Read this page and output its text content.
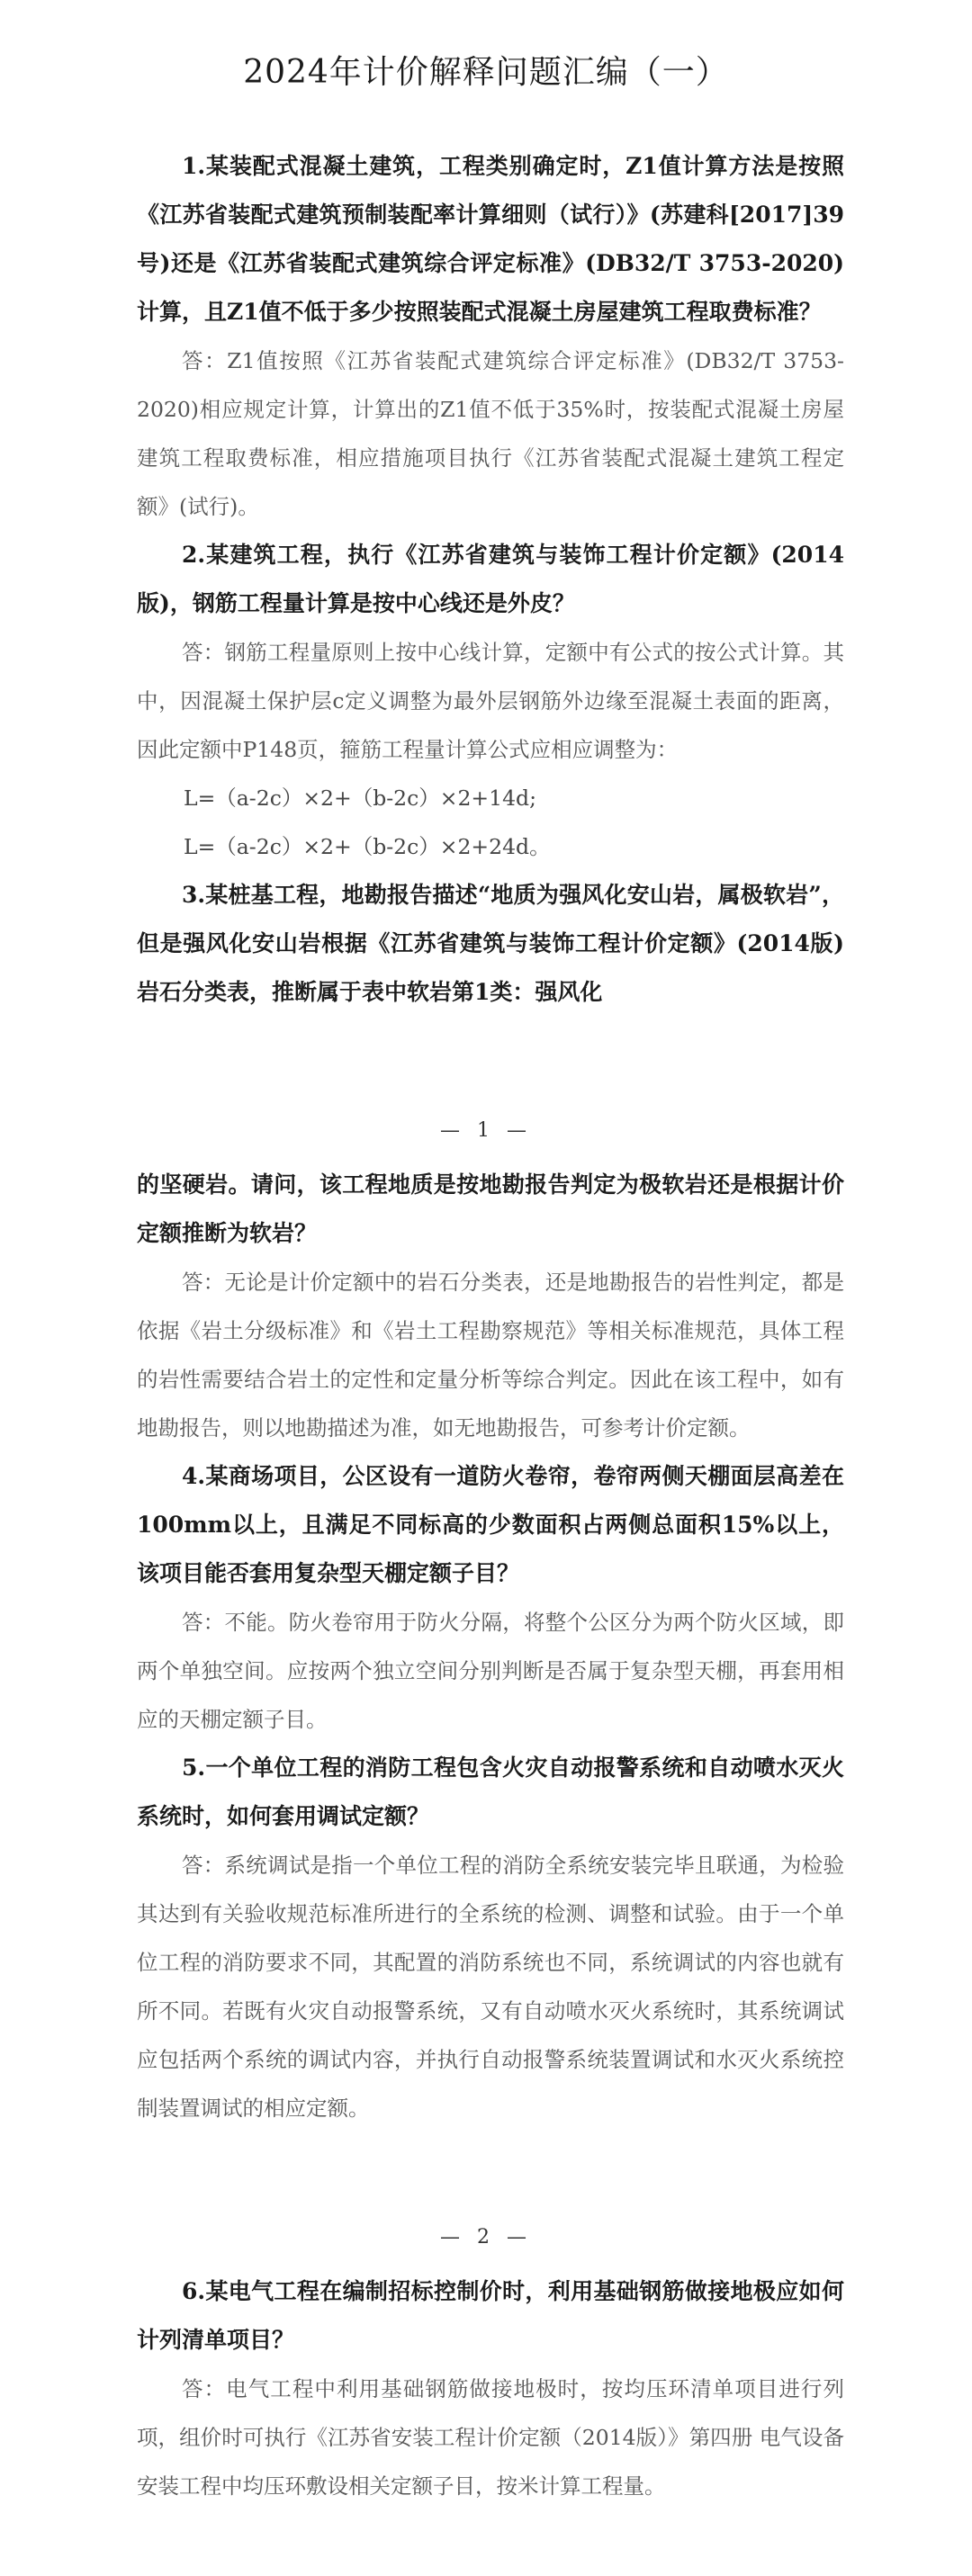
2024年计价解释问题汇编（一）

1.某装配式混凝土建筑，工程类别确定时，Z1值计算方法是按照《江苏省装配式建筑预制装配率计算细则（试行）》(苏建科[2017]39号)还是《江苏省装配式建筑综合评定标准》(DB32/T 3753-2020)计算，且Z1值不低于多少按照装配式混凝土房屋建筑工程取费标准？

答：Z1值按照《江苏省装配式建筑综合评定标准》(DB32/T 3753-2020)相应规定计算，计算出的Z1值不低于35%时，按装配式混凝土房屋建筑工程取费标准，相应措施项目执行《江苏省装配式混凝土建筑工程定额》(试行)。

2.某建筑工程，执行《江苏省建筑与装饰工程计价定额》(2014版)，钢筋工程量计算是按中心线还是外皮？

答：钢筋工程量原则上按中心线计算，定额中有公式的按公式计算。其中，因混凝土保护层c定义调整为最外层钢筋外边缘至混凝土表面的距离，因此定额中P148页，箍筋工程量计算公式应相应调整为：

L=（a-2c）×2+（b-2c）×2+14d;

L=（a-2c）×2+（b-2c）×2+24d。

3.某桩基工程，地勘报告描述“地质为强风化安山岩，属极软岩”，但是强风化安山岩根据《江苏省建筑与装饰工程计价定额》(2014版)岩石分类表，推断属于表中软岩第1类：强风化

— 1 —

的坚硬岩。请问，该工程地质是按地勘报告判定为极软岩还是根据计价定额推断为软岩？

答：无论是计价定额中的岩石分类表，还是地勘报告的岩性判定，都是依据《岩土分级标准》和《岩土工程勘察规范》等相关标准规范，具体工程的岩性需要结合岩土的定性和定量分析等综合判定。因此在该工程中，如有地勘报告，则以地勘描述为准，如无地勘报告，可参考计价定额。

4.某商场项目，公区设有一道防火卷帘，卷帘两侧天棚面层高差在100mm以上，且满足不同标高的少数面积占两侧总面积15%以上，该项目能否套用复杂型天棚定额子目？

答：不能。防火卷帘用于防火分隔，将整个公区分为两个防火区域，即两个单独空间。应按两个独立空间分别判断是否属于复杂型天棚，再套用相应的天棚定额子目。

5.一个单位工程的消防工程包含火灾自动报警系统和自动喷水灭火系统时，如何套用调试定额？

答：系统调试是指一个单位工程的消防全系统安装完毕且联通，为检验其达到有关验收规范标准所进行的全系统的检测、调整和试验。由于一个单位工程的消防要求不同，其配置的消防系统也不同，系统调试的内容也就有所不同。若既有火灾自动报警系统，又有自动喷水灭火系统时，其系统调试应包括两个系统的调试内容，并执行自动报警系统装置调试和水灭火系统控制装置调试的相应定额。

— 2 —

6.某电气工程在编制招标控制价时，利用基础钢筋做接地极应如何计列清单项目？

答：电气工程中利用基础钢筋做接地极时，按均压环清单项目进行列项，组价时可执行《江苏省安装工程计价定额（2014版）》第四册 电气设备安装工程中均压环敷设相关定额子目，按米计算工程量。
